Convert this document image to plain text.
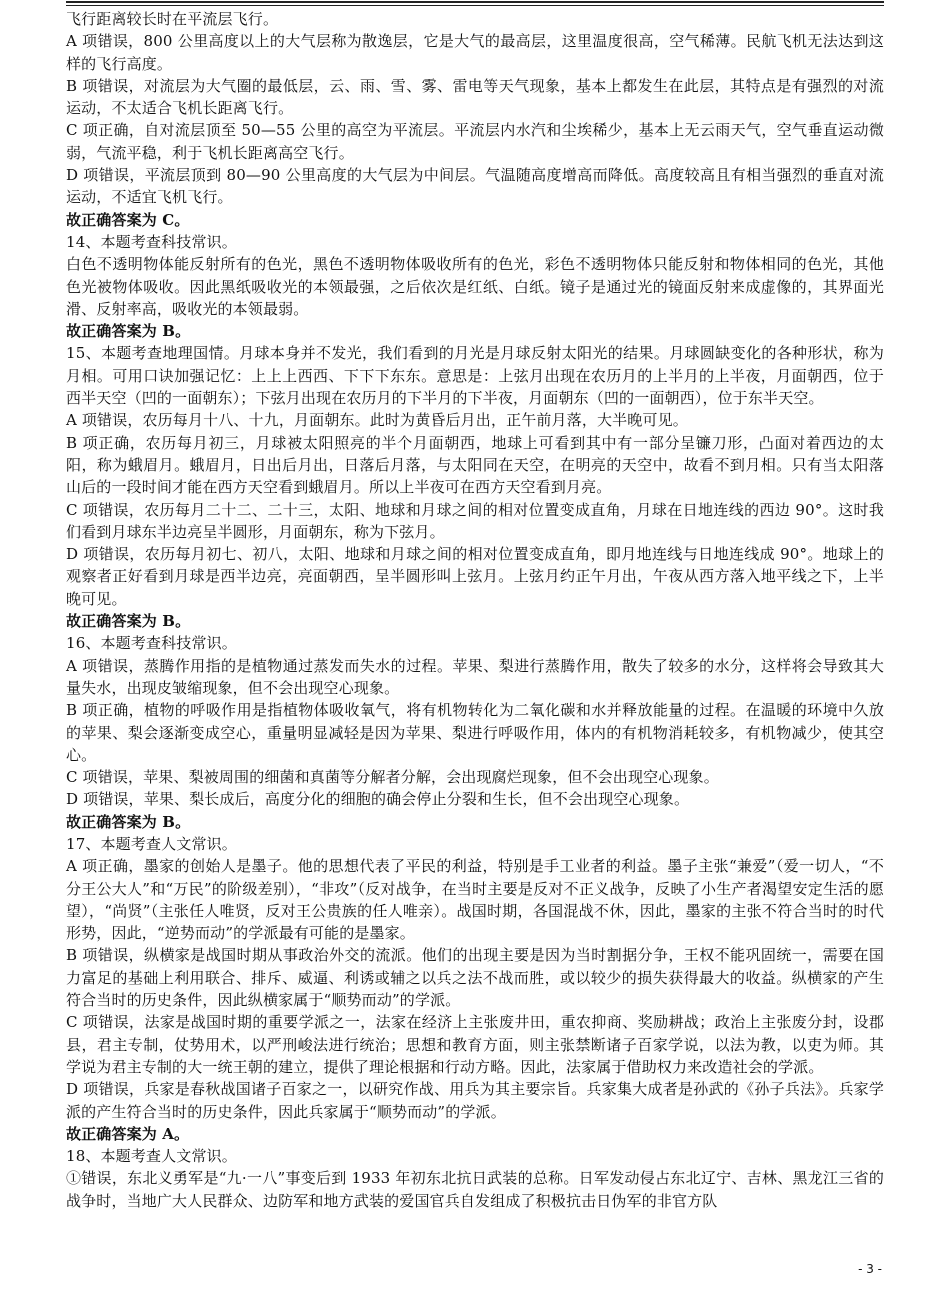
飞行距离较长时在平流层飞行。

A 项错误，800 公里高度以上的大气层称为散逸层，它是大气的最高层，这里温度很高，空气稀薄。民航飞机无法达到这样的飞行高度。

B 项错误，对流层为大气圈的最低层，云、雨、雪、雾、雷电等天气现象，基本上都发生在此层，其特点是有强烈的对流运动，不太适合飞机长距离飞行。

C 项正确，自对流层顶至 50—55 公里的高空为平流层。平流层内水汽和尘埃稀少，基本上无云雨天气，空气垂直运动微弱，气流平稳，利于飞机长距离高空飞行。

D 项错误，平流层顶到 80—90 公里高度的大气层为中间层。气温随高度增高而降低。高度较高且有相当强烈的垂直对流运动，不适宜飞机飞行。

故正确答案为 C。

14、本题考查科技常识。

白色不透明物体能反射所有的色光，黑色不透明物体吸收所有的色光，彩色不透明物体只能反射和物体相同的色光，其他色光被物体吸收。因此黑纸吸收光的本领最强，之后依次是红纸、白纸。镜子是通过光的镜面反射来成虚像的，其界面光滑、反射率高，吸收光的本领最弱。

故正确答案为 B。

15、本题考查地理国情。月球本身并不发光，我们看到的月光是月球反射太阳光的结果。月球圆缺变化的各种形状，称为月相。可用口诀加强记忆：上上上西西、下下下东东。意思是：上弦月出现在农历月的上半月的上半夜，月面朝西，位于西半天空（凹的一面朝东）；下弦月出现在农历月的下半月的下半夜，月面朝东（凹的一面朝西），位于东半天空。

A 项错误，农历每月十八、十九，月面朝东。此时为黄昏后月出，正午前月落，大半晚可见。

B 项正确，农历每月初三，月球被太阳照亮的半个月面朝西，地球上可看到其中有一部分呈镰刀形，凸面对着西边的太阳，称为蛾眉月。蛾眉月，日出后月出，日落后月落，与太阳同在天空，在明亮的天空中，故看不到月相。只有当太阳落山后的一段时间才能在西方天空看到蛾眉月。所以上半夜可在西方天空看到月亮。

C 项错误，农历每月二十二、二十三，太阳、地球和月球之间的相对位置变成直角，月球在日地连线的西边 90°。这时我们看到月球东半边亮呈半圆形，月面朝东，称为下弦月。

D 项错误，农历每月初七、初八，太阳、地球和月球之间的相对位置变成直角，即月地连线与日地连线成 90°。地球上的观察者正好看到月球是西半边亮，亮面朝西，呈半圆形叫上弦月。上弦月约正午月出，午夜从西方落入地平线之下，上半晚可见。

故正确答案为 B。

16、本题考查科技常识。

A 项错误，蒸腾作用指的是植物通过蒸发而失水的过程。苹果、梨进行蒸腾作用，散失了较多的水分，这样将会导致其大量失水，出现皮皱缩现象，但不会出现空心现象。

B 项正确，植物的呼吸作用是指植物体吸收氧气，将有机物转化为二氧化碳和水并释放能量的过程。在温暖的环境中久放的苹果、梨会逐渐变成空心，重量明显减轻是因为苹果、梨进行呼吸作用，体内的有机物消耗较多，有机物减少，使其空心。

C 项错误，苹果、梨被周围的细菌和真菌等分解者分解，会出现腐烂现象，但不会出现空心现象。

D 项错误，苹果、梨长成后，高度分化的细胞的确会停止分裂和生长，但不会出现空心现象。

故正确答案为 B。

17、本题考查人文常识。

A 项正确，墨家的创始人是墨子。他的思想代表了平民的利益，特别是手工业者的利益。墨子主张“兼爱”（爱一切人，“不分王公大人”和“万民”的阶级差别），“非攻”（反对战争，在当时主要是反对不正义战争，反映了小生产者渴望安定生活的愿望），“尚贤”（主张任人唯贤，反对王公贵族的任人唯亲）。战国时期，各国混战不休，因此，墨家的主张不符合当时的时代形势，因此，“逆势而动”的学派最有可能的是墨家。

B 项错误，纵横家是战国时期从事政治外交的流派。他们的出现主要是因为当时割据分争，王权不能巩固统一，需要在国力富足的基础上利用联合、排斥、威逼、利诱或辅之以兵之法不战而胜，或以较少的损失获得最大的收益。纵横家的产生符合当时的历史条件，因此纵横家属于“顺势而动”的学派。

C 项错误，法家是战国时期的重要学派之一，法家在经济上主张废井田，重农抑商、奖励耕战；政治上主张废分封，设郡县，君主专制，仗势用术，以严刑峻法进行统治；思想和教育方面，则主张禁断诸子百家学说，以法为教，以吏为师。其学说为君主专制的大一统王朝的建立，提供了理论根据和行动方略。因此，法家属于借助权力来改造社会的学派。

D 项错误，兵家是春秋战国诸子百家之一，以研究作战、用兵为其主要宗旨。兵家集大成者是孙武的《孙子兵法》。兵家学派的产生符合当时的历史条件，因此兵家属于“顺势而动”的学派。

故正确答案为 A。

18、本题考查人文常识。

①错误，东北义勇军是“九·一八”事变后到 1933 年初东北抗日武装的总称。日军发动侵占东北辽宁、吉林、黑龙江三省的战争时，当地广大人民群众、边防军和地方武装的爱国官兵自发组成了积极抗击日伪军的非官方队

- 3 -
